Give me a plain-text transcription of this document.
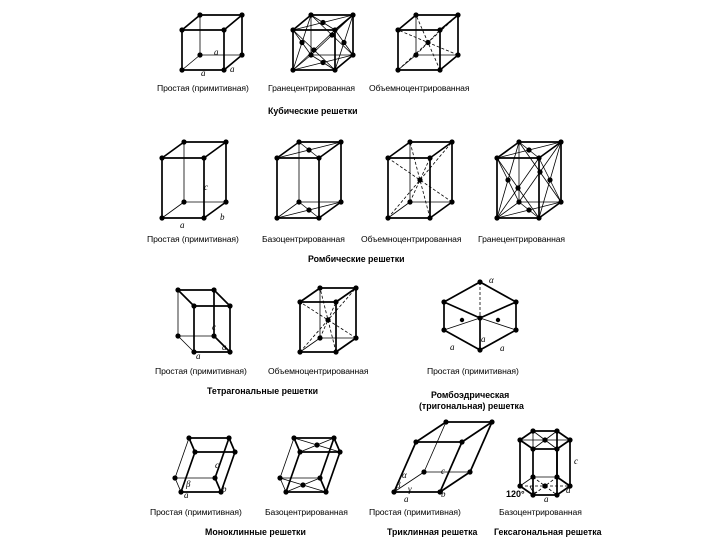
a
a	a
c
a
b
c
a
a
α
a
a
a
c
β
a
b
α
β γ
a	b
c
120° a
a
c
Простая (примитивная) Гранецентрированная Объемноцентрированная
Кубические решетки
Простая (примитивная)	Базоцентрированная Объемноцентрированная Гранецентрированная
Ромбические решетки
Простая (примитивная) Объемноцентрированная
Тетрагональные решетки
Простая (примитивная)
Ромбоэдрическая
(тригональная) решетка
Простая (примитивная)	Базоцентрированная Простая (примитивная)	Базоцентрированная
Моноклинные решетки	Триклинная решетка Гексагональная решетка
